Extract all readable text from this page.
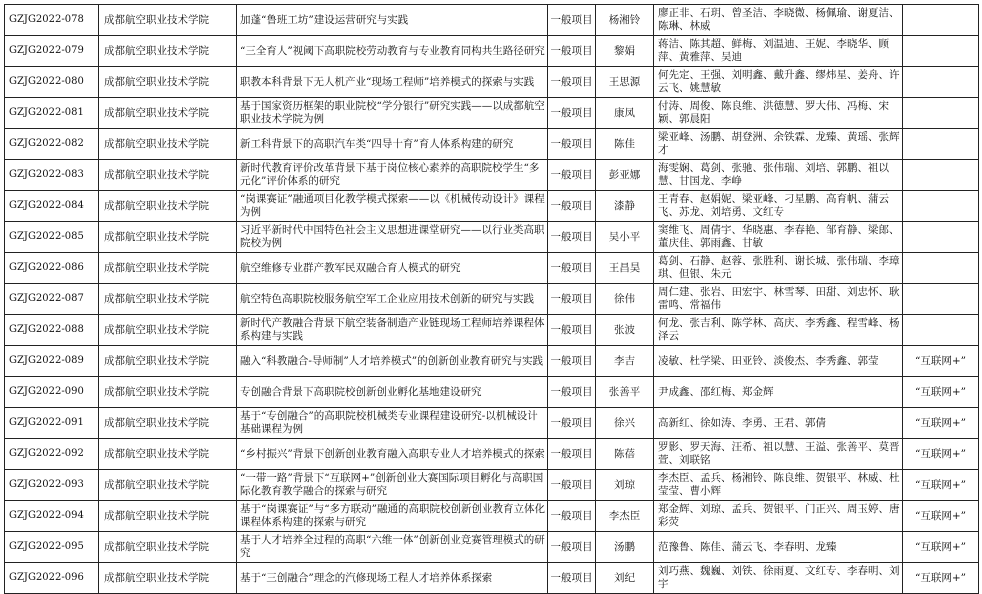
GZJG2022-078	成都航空职业技术学院	加蓬“鲁班工坊”建设运营研究与实践	一般项目	杨湘铃	廖正非、石玥、曾圣洁、李晓微、杨佩瑜、谢夏洁、陈琳、林威	
GZJG2022-079	成都航空职业技术学院	“三全育人”视阈下高职院校劳动教育与专业教育同构共生路径研究	一般项目	黎娟	蒋洁、陈其超、鲜梅、刘温迪、王妮、李晓华、顾萍、黄雅萍、吴迪	
GZJG2022-080	成都航空职业技术学院	职教本科背景下无人机产业“现场工程师”培养模式的探索与实践	一般项目	王思源	何先定、王强、刘明鑫、戴升鑫、缪炜星、姜舟、许云飞、姚慧敏	
GZJG2022-081	成都航空职业技术学院	基于国家资历框架的职业院校“学分银行”研究实践——以成都航空职业技术学院为例	一般项目	康凤	付涛、周俊、陈良维、洪德慧、罗大伟、冯梅、宋颖、郭晨阳	
GZJG2022-082	成都航空职业技术学院	新工科背景下的高职汽车类“四导十育”育人体系构建的研究	一般项目	陈佳	梁亚峰、汤鹏、胡登洲、余铁霖、龙臻、黄瑶、张辉才	
GZJG2022-083	成都航空职业技术学院	新时代教育评价改革背景下基于岗位核心素养的高职院校学生“多元化”评价体系的研究	一般项目	彭亚娜	海雯娴、葛剑、张驰、张伟瑞、刘培、郭鹏、祖以慧、甘国龙、李峥	
GZJG2022-084	成都航空职业技术学院	“岗课赛证”融通项目化教学模式探索——以《机械传动设计》课程为例	一般项目	漆静	王青春、赵娟妮、梁亚峰、刁星鹏、高育帆、蒲云飞、苏龙、刘培勇、文红专	
GZJG2022-085	成都航空职业技术学院	习近平新时代中国特色社会主义思想进课堂研究——以行业类高职院校为例	一般项目	吴小平	窦维飞、周倩宇、华晓惠、李春艳、邹育静、梁郎、董庆佳、郭雨鑫、甘敏	
GZJG2022-086	成都航空职业技术学院	航空维修专业群产教军民双融合育人模式的研究	一般项目	王昌昊	葛剑、石静、赵蓉、张胜利、谢长城、张伟瑞、李璋琪、但银、朱元	
GZJG2022-087	成都航空职业技术学院	航空特色高职院校服务航空军工企业应用技术创新的研究与实践	一般项目	徐伟	周仁建、张岩、田宏宇、林雪琴、田甜、刘忠怀、耿雷鸣、常福伟	
GZJG2022-088	成都航空职业技术学院	新时代产教融合背景下航空装备制造产业链现场工程师培养课程体系构建与实践	一般项目	张波	何龙、张吉利、陈学林、高庆、李秀鑫、程雪峰、杨泽云	
GZJG2022-089	成都航空职业技术学院	融入“科教融合-导师制”人才培养模式”的创新创业教育研究与实践	一般项目	李吉	凌敏、杜学梁、田亚铃、淡俊杰、李秀鑫、郭莹	“互联网+”
GZJG2022-090	成都航空职业技术学院	专创融合背景下高职院校创新创业孵化基地建设研究	一般项目	张善平	尹成鑫、邵红梅、郑金辉	“互联网+”
GZJG2022-091	成都航空职业技术学院	基于“专创融合”的高职院校机械类专业课程建设研究-以机械设计基础课程为例	一般项目	徐兴	高新红、徐如涛、李勇、王君、郭倩	“互联网+”
GZJG2022-092	成都航空职业技术学院	“乡村振兴”背景下创新创业教育融入高职专业人才培养模式的探索	一般项目	陈蓓	罗影、罗天海、汪希、祖以慧、王溢、张善平、莫晋萱、刘联铭	“互联网+”
GZJG2022-093	成都航空职业技术学院	“一带一路”背景下“互联网+”创新创业大赛国际项目孵化与高职国际化教育教学融合的探索与研究	一般项目	刘琼	李杰臣、孟兵、杨湘铃、陈良维、贺银平、林威、杜莹莹、曹小辉	“互联网+”
GZJG2022-094	成都航空职业技术学院	基于“岗课赛证”与“多方联动”融通的高职院校创新创业教育立体化课程体系构建的探索与研究	一般项目	李杰臣	郑金辉、刘琼、孟兵、贺银平、门正兴、周玉婷、唐彩荧	“互联网+”
GZJG2022-095	成都航空职业技术学院	基于人才培养全过程的高职“六维一体”创新创业竞赛管理模式的研究	一般项目	汤鹏	范豫鲁、陈佳、蒲云飞、李春明、龙臻	“互联网+”
GZJG2022-096	成都航空职业技术学院	基于“三创融合”理念的汽修现场工程人才培养体系探索	一般项目	刘纪	刘巧燕、魏巍、刘铁、徐雨夏、文红专、李春明、刘宇	“互联网+”
